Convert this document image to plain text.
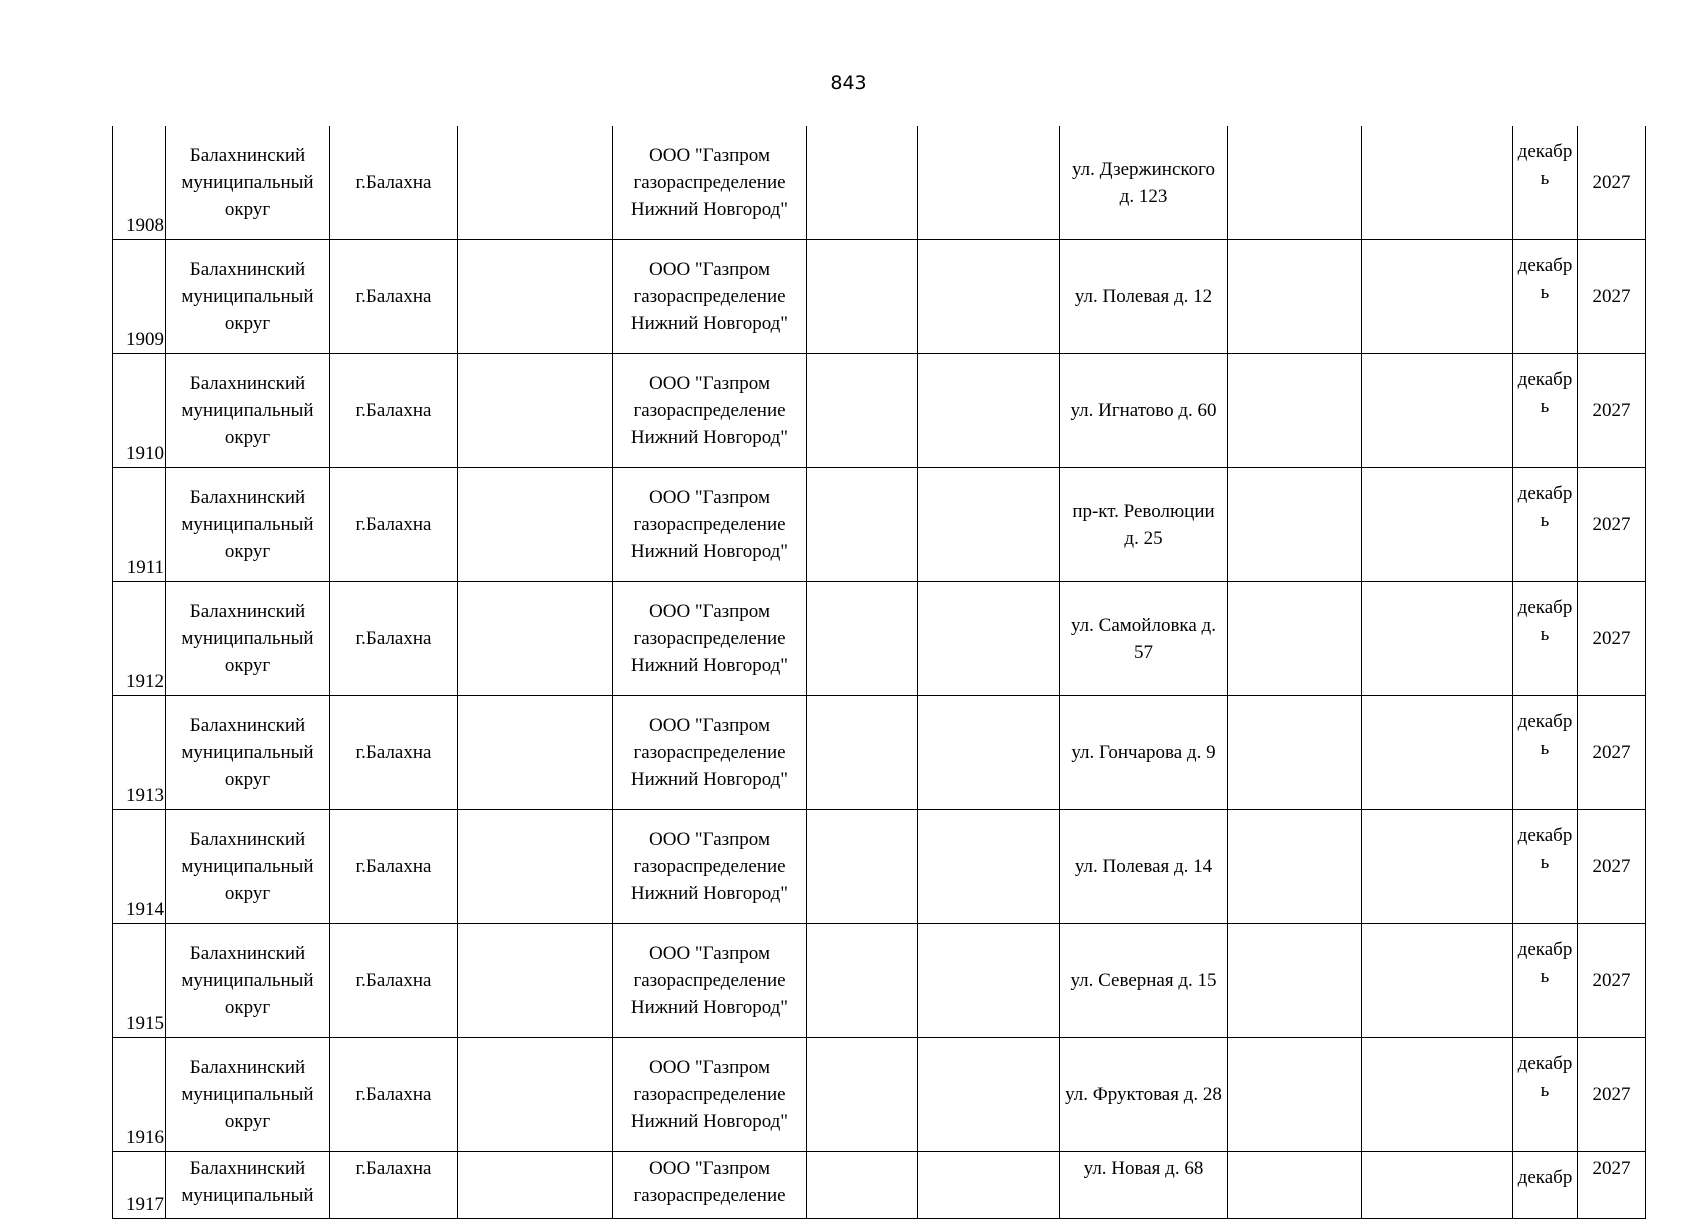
843
1908	Балахнинский муниципальный округ	г.Балахна		ООО "Газпром газораспределение Нижний Новгород"			ул. Дзержинского д. 123			декабр ь	2027
1909	Балахнинский муниципальный округ	г.Балахна		ООО "Газпром газораспределение Нижний Новгород"			ул. Полевая д. 12			декабр ь	2027
1910	Балахнинский муниципальный округ	г.Балахна		ООО "Газпром газораспределение Нижний Новгород"			ул. Игнатово д. 60			декабр ь	2027
1911	Балахнинский муниципальный округ	г.Балахна		ООО "Газпром газораспределение Нижний Новгород"			пр-кт. Революции д. 25			декабр ь	2027
1912	Балахнинский муниципальный округ	г.Балахна		ООО "Газпром газораспределение Нижний Новгород"			ул. Самойловка д. 57			декабр ь	2027
1913	Балахнинский муниципальный округ	г.Балахна		ООО "Газпром газораспределение Нижний Новгород"			ул. Гончарова д. 9			декабр ь	2027
1914	Балахнинский муниципальный округ	г.Балахна		ООО "Газпром газораспределение Нижний Новгород"			ул. Полевая д. 14			декабр ь	2027
1915	Балахнинский муниципальный округ	г.Балахна		ООО "Газпром газораспределение Нижний Новгород"			ул. Северная д. 15			декабр ь	2027
1916	Балахнинский муниципальный округ	г.Балахна		ООО "Газпром газораспределение Нижний Новгород"			ул. Фруктовая д. 28			декабр ь	2027
1917	Балахнинский муниципальный	г.Балахна		ООО "Газпром газораспределение			ул. Новая д. 68			декабр	2027
